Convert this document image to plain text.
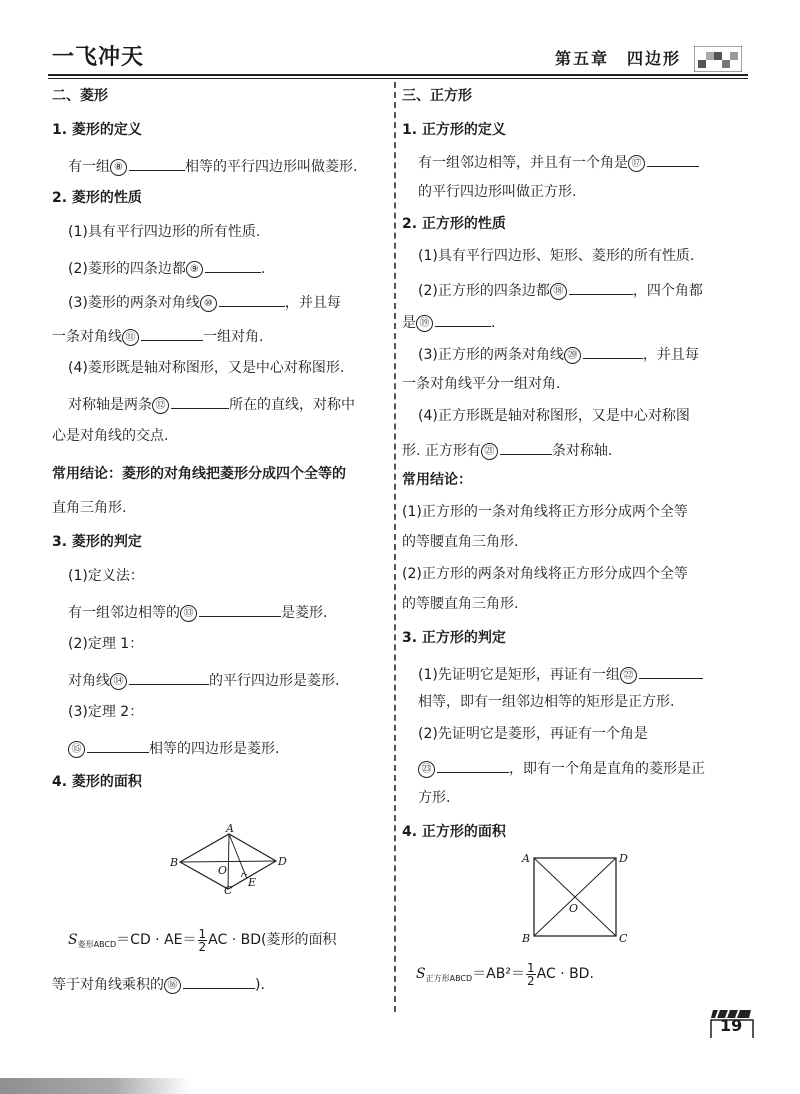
一飞冲天	第五章　四边形
二、菱形
1. 菱形的定义
有一组 ⑧	相等的平行四边形叫做菱形.
2. 菱形的性质
(1)具有平行四边形的所有性质.
(2)菱形的四条边都 ⑨	.
(3)菱形的两条对角线 ⑩	，并且每
一条对角线 ⑪	一组对角.
(4)菱形既是轴对称图形，又是中心对称图形.
对称轴是两条 ⑫	所在的直线，对称中
心是对角线的交点.
常用结论：菱形的对角线把菱形分成四个全等的
直角三角形.
3. 菱形的判定
(1)定义法：
有一组邻边相等的 ⑬	是菱形.
(2)定理 1：
对角线 ⑭	的平行四边形是菱形.
(3)定理 2：
⑮	相等的四边形是菱形.
4. 菱形的面积
A
B
C
D
O
E
$S_{菱形ABCD}=CD \cdot AE= \frac{1}{2}$ AC · BD(菱形的面积
等于对角线乘积的 ⑯	).
三、正方形
1. 正方形的定义
有一组邻边相等，并且有一个角是 ⑰
的平行四边形叫做正方形.
2. 正方形的性质
(1)具有平行四边形、矩形、菱形的所有性质.
(2)正方形的四条边都 ⑱	，四个角都
是 ⑲	.
(3)正方形的两条对角线 ⑳	，并且每
一条对角线平分一组对角.
(4)正方形既是轴对称图形，又是中心对称图
形. 正方形有 ㉑	条对称轴.
常用结论：
(1)正方形的一条对角线将正方形分成两个全等
的等腰直角三角形.
(2)正方形的两条对角线将正方形分成四个全等
的等腰直角三角形.
3. 正方形的判定
(1)先证明它是矩形，再证有一组 ㉒
相等，即有一组邻边相等的矩形是正方形.
(2)先证明它是菱形，再证有一个角是
㉓	，即有一个角是直角的菱形是正
方形.
4. 正方形的面积
A	D
B	C
O
$S_{正方形ABCD}=AB^2= \frac{1}{2}$ AC · BD.
19
